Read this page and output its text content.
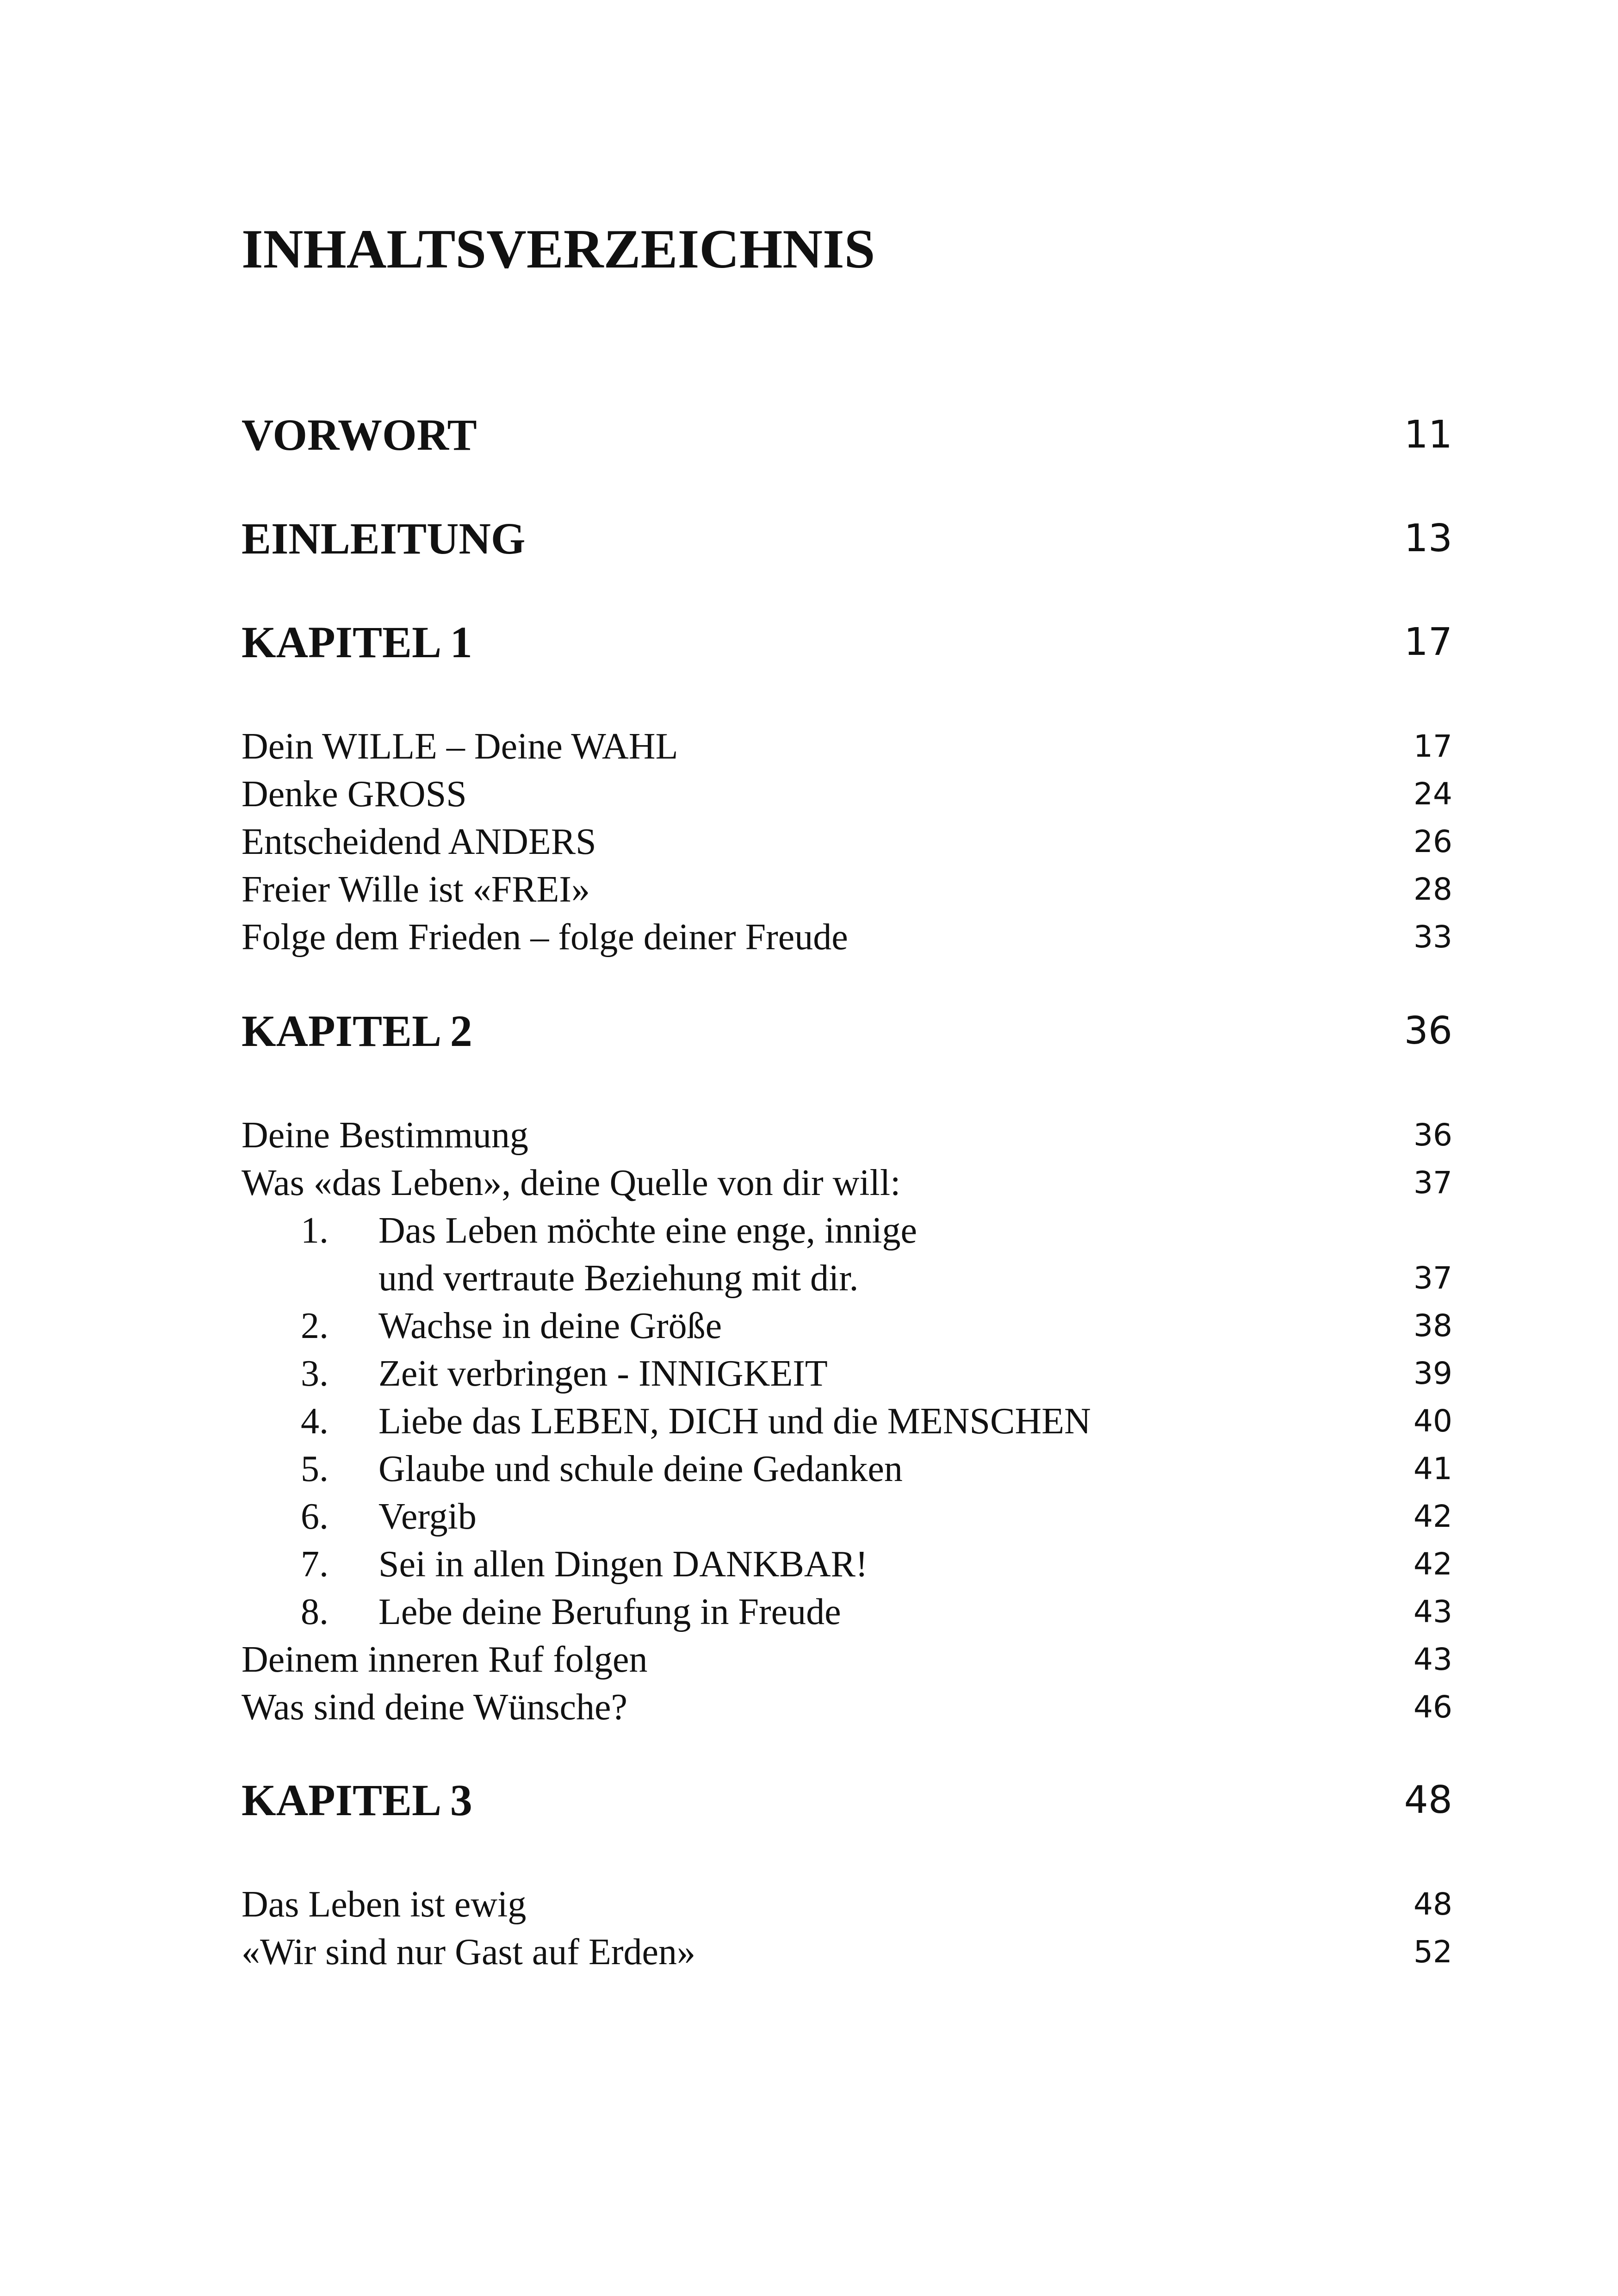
INHALTSVERZEICHNIS
VORWORT	11
EINLEITUNG	13
KAPITEL 1	17
Dein WILLE – Deine WAHL	17
Denke GROSS	24
Entscheidend ANDERS	26
Freier Wille ist «FREI»	28
Folge dem Frieden – folge deiner Freude	33
KAPITEL 2	36
Deine Bestimmung	36
Was «das Leben», deine Quelle von dir will:	37
1. Das Leben möchte eine enge, innige
und vertraute Beziehung mit dir.	37
2. Wachse in deine Größe	38
3. Zeit verbringen - INNIGKEIT	39
4. Liebe das LEBEN, DICH und die MENSCHEN	40
5. Glaube und schule deine Gedanken	41
6. Vergib	42
7. Sei in allen Dingen DANKBAR!	42
8. Lebe deine Berufung in Freude	43
Deinem inneren Ruf folgen	43
Was sind deine Wünsche?	46
KAPITEL 3	48
Das Leben ist ewig	48
«Wir sind nur Gast auf Erden»	52
